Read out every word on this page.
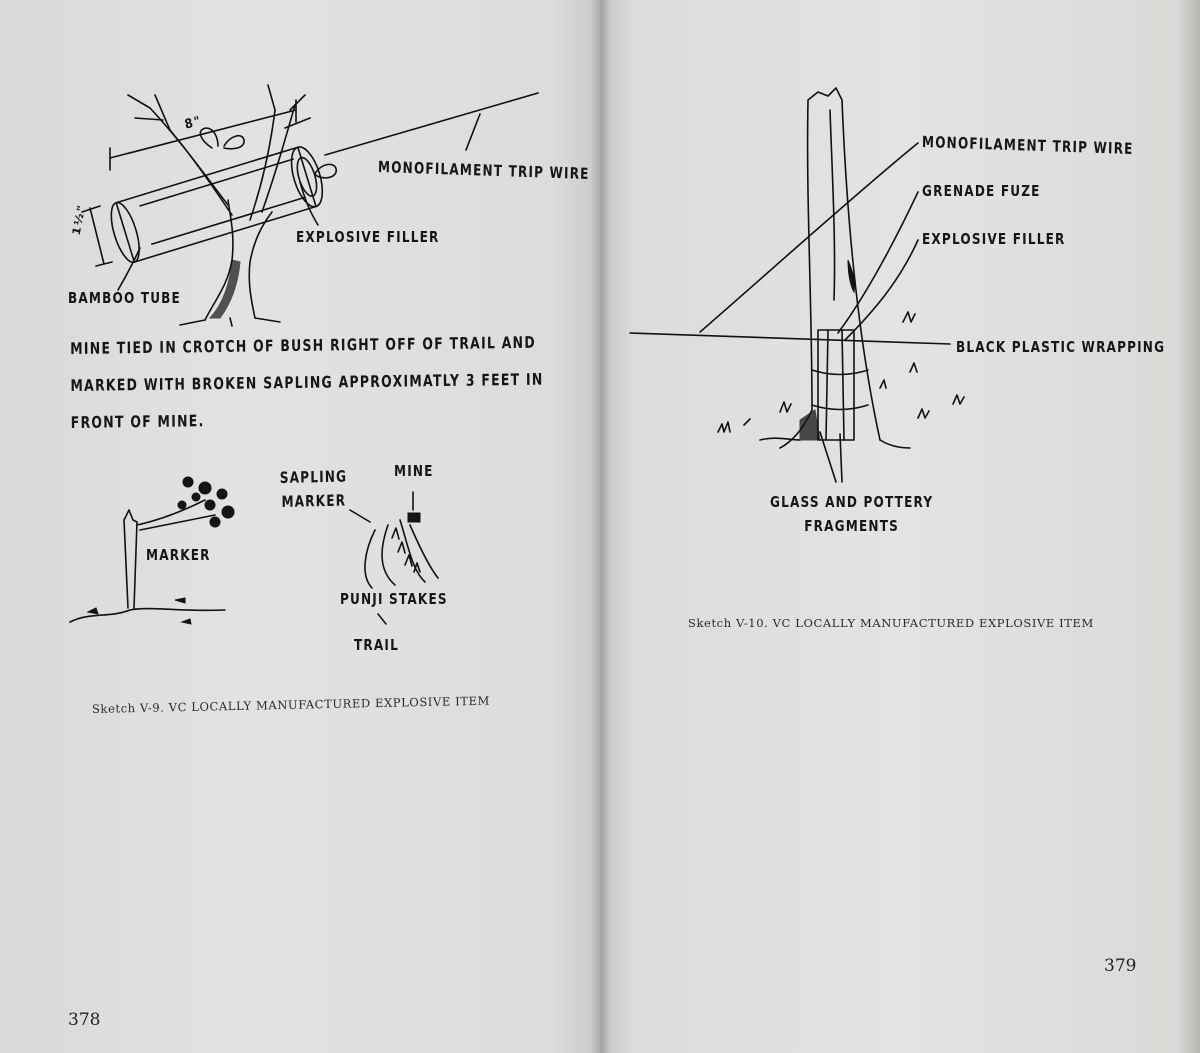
8"
1½"
MONOFILAMENT TRIP WIRE
EXPLOSIVE FILLER
BAMBOO TUBE
MINE TIED IN CROTCH OF BUSH RIGHT OFF OF TRAIL AND
MARKED WITH BROKEN SAPLING APPROXIMATLY 3 FEET IN
FRONT OF MINE.
SAPLING
MARKER
MINE
MARKER
PUNJI STAKES
TRAIL
Sketch V-9. VC LOCALLY MANUFACTURED EXPLOSIVE ITEM
378
MONOFILAMENT TRIP WIRE
GRENADE FUZE
EXPLOSIVE FILLER
BLACK PLASTIC WRAPPING
GLASS AND POTTERY
FRAGMENTS
Sketch V-10. VC LOCALLY MANUFACTURED EXPLOSIVE ITEM
379
